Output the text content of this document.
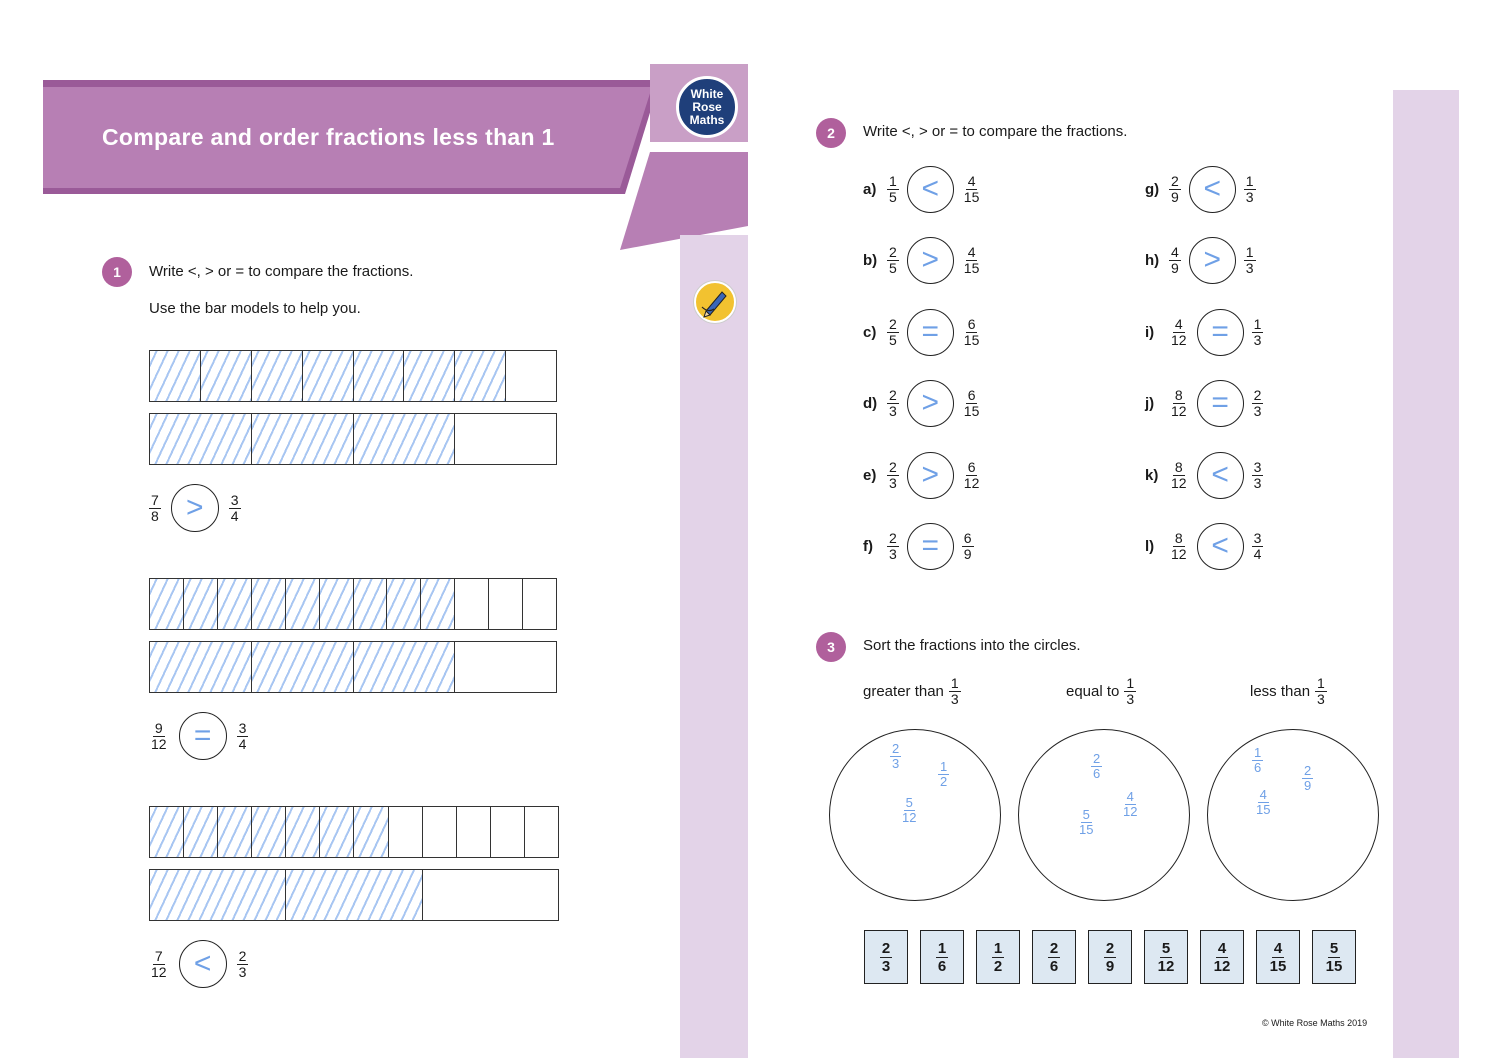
Compare and order fractions less than 1
White
Rose
Maths
1	Write <, > or = to compare the fractions.
Use the bar models to help you.
$\frac{7}{8} > \frac{3}{4}$
$\frac{9}{12} = \frac{3}{4}$
$\frac{7}{12} < \frac{2}{3}$
2	Write <, > or = to compare the fractions.
$a) \frac{1}{5} < \frac{4}{15}$
$b) \frac{2}{5} > \frac{4}{15}$
$c) \frac{2}{5} = \frac{6}{15}$
$d) \frac{2}{3} > \frac{6}{15}$
$e) \frac{2}{3} > \frac{6}{12}$
f)	$\frac{2}{3} = \frac{6}{9}$
$g) \frac{2}{9} < \frac{1}{3}$
$h) \frac{4}{9} > \frac{1}{3}$
i)	$\frac{4}{12} = \frac{1}{3}$
j)	$\frac{8}{12} = \frac{2}{3}$
$k) \frac{8}{12} < \frac{3}{3}$
l)	$\frac{8}{12} < \frac{3}{4}$
3	Sort the fractions into the circles.
greater than $\frac{1}{3}$
$\frac{2}{3}$
$\frac{1}{2}$
$\frac{5}{12}$
equal to $\frac{1}{3}$
$\frac{2}{6}$
$\frac{4}{12}$
$\frac{5}{15}$
less than $\frac{1}{3}$
$\frac{1}{6}$
$\frac{2}{9}$
$\frac{4}{15}$
$\frac{2}{3}$	$\frac{1}{6}$	$\frac{1}{2}$	$\frac{2}{6}$	$\frac{2}{9}$	$\frac{5}{12} \frac{4}{12} \frac{4}{15} \frac{5}{15}$
© White Rose Maths 2019
